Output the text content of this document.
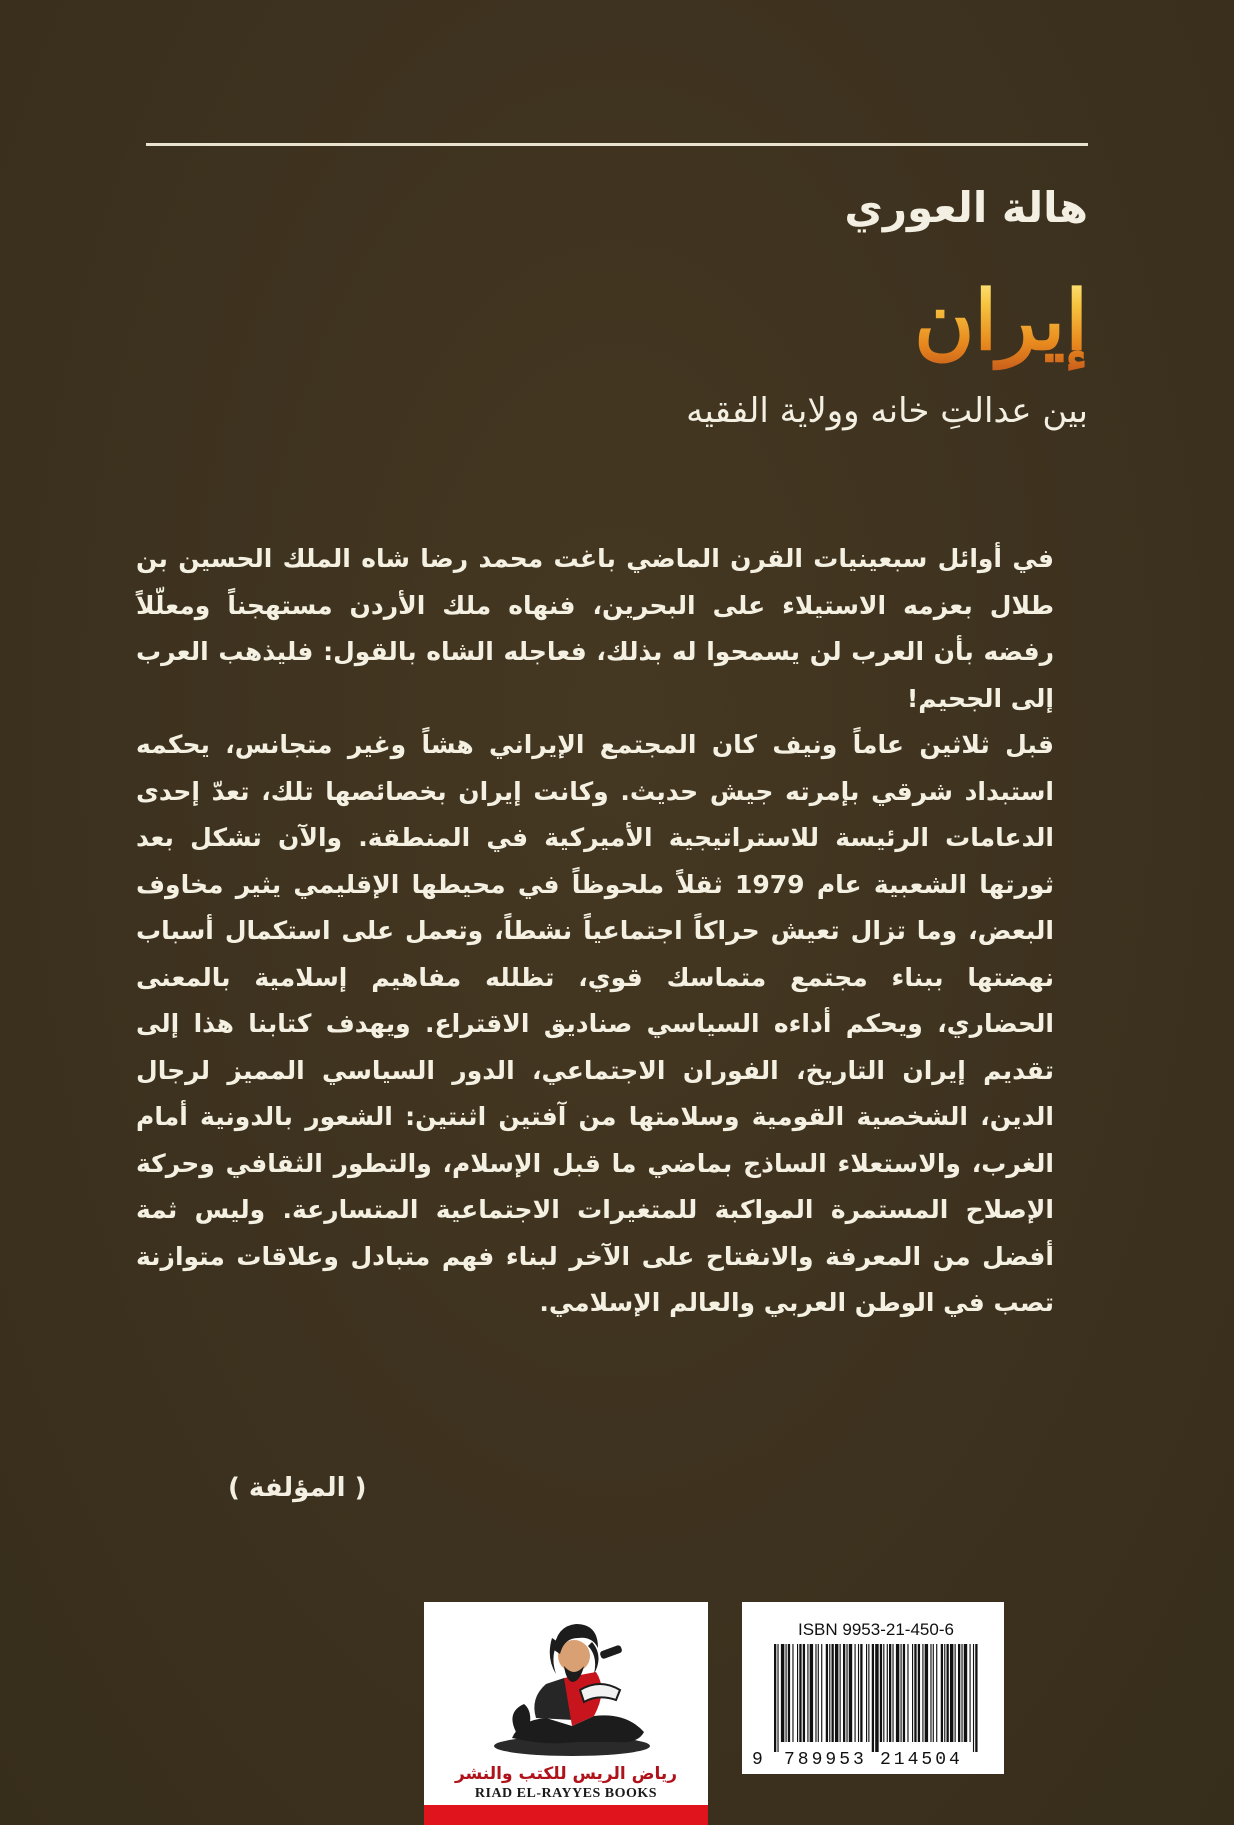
هالة العوري
إيران
بين عدالتِ خانه وولاية الفقيه

في أوائل سبعينيات القرن الماضي باغت محمد رضا شاه الملك الحسين بن طلال بعزمه الاستيلاء على البحرين، فنهاه ملك الأردن مستهجناً ومعلّلاً رفضه بأن العرب لن يسمحوا له بذلك، فعاجله الشاه بالقول: فليذهب العرب إلى الجحيم!

قبل ثلاثين عاماً ونيف كان المجتمع الإيراني هشاً وغير متجانس، يحكمه استبداد شرقي بإمرته جيش حديث. وكانت إيران بخصائصها تلك، تعدّ إحدى الدعامات الرئيسة للاستراتيجية الأميركية في المنطقة. والآن تشكل بعد ثورتها الشعبية عام 1979 ثقلاً ملحوظاً في محيطها الإقليمي يثير مخاوف البعض، وما تزال تعيش حراكاً اجتماعياً نشطاً، وتعمل على استكمال أسباب نهضتها ببناء مجتمع متماسك قوي، تظلله مفاهيم إسلامية بالمعنى الحضاري، ويحكم أداءه السياسي صناديق الاقتراع. ويهدف كتابنا هذا إلى تقديم إيران التاريخ، الفوران الاجتماعي، الدور السياسي المميز لرجال الدين، الشخصية القومية وسلامتها من آفتين اثنتين: الشعور بالدونية أمام الغرب، والاستعلاء الساذج بماضي ما قبل الإسلام، والتطور الثقافي وحركة الإصلاح المستمرة المواكبة للمتغيرات الاجتماعية المتسارعة. وليس ثمة أفضل من المعرفة والانفتاح على الآخر لبناء فهم متبادل وعلاقات متوازنة تصب في الوطن العربي والعالم الإسلامي.

( المؤلفة )
رياض الريس للكتب والنشر
RIAD EL-RAYYES BOOKS
ISBN 9953-21-450-6
9 789953 214504
